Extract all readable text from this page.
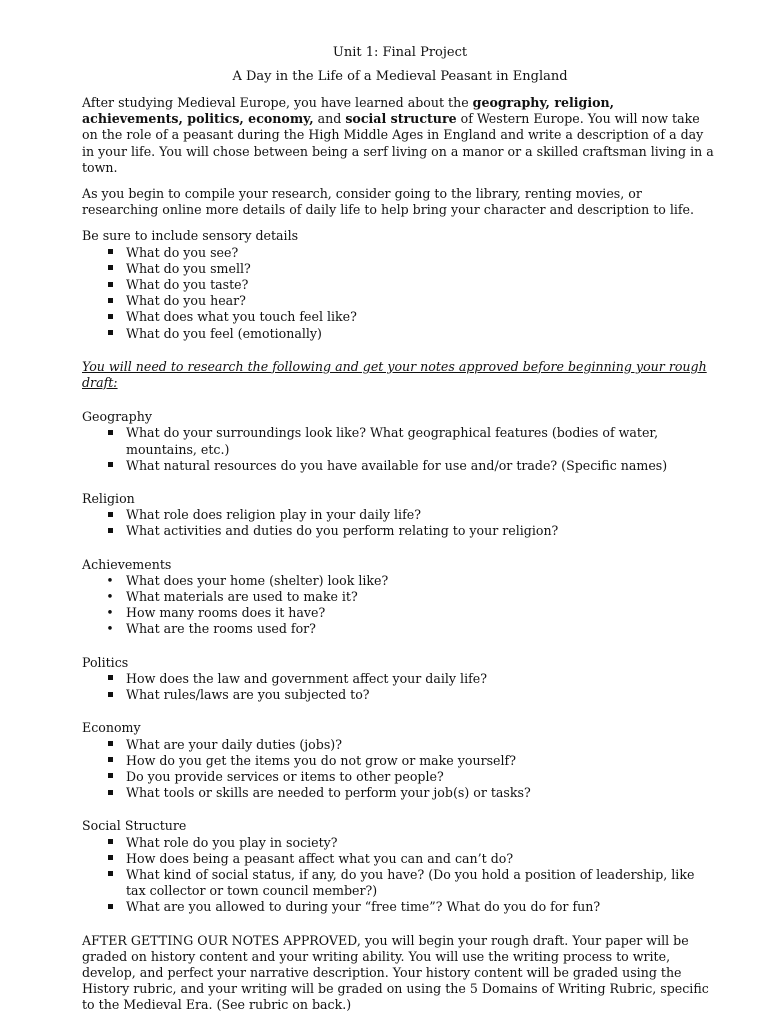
Unit 1: Final Project
A Day in the Life of a Medieval Peasant in England

After studying Medieval Europe, you have learned about the geography, religion, achievements, politics, economy, and social structure of Western Europe. You will now take on the role of a peasant during the High Middle Ages in England and write a description of a day in your life. You will chose between being a serf living on a manor or a skilled craftsman living in a town.

As you begin to compile your research, consider going to the library, renting movies, or researching online more details of daily life to help bring your character and description to life.

Be sure to include sensory details
What do you see?
What do you smell?
What do you taste?
What do you hear?
What does what you touch feel like?
What do you feel (emotionally)

You will need to research the following and get your notes approved before beginning your rough draft:

Geography
What do your surroundings look like? What geographical features (bodies of water, mountains, etc.)
What natural resources do you have available for use and/or trade? (Specific names)
Religion
What role does religion play in your daily life?
What activities and duties do you perform relating to your religion?
Achievements
•
What does your home (shelter) look like?
•
What materials are used to make it?
•
How many rooms does it have?
•
What are the rooms used for?
Politics
How does the law and government affect your daily life?
What rules/laws are you subjected to?
Economy
What are your daily duties (jobs)?
How do you get the items you do not grow or make yourself?
Do you provide services or items to other people?
What tools or skills are needed to perform your job(s) or tasks?
Social Structure
What role do you play in society?
How does being a peasant affect what you can and can’t do?
What kind of social status, if any, do you have? (Do you hold a position of leadership, like tax collector or town council member?)
What are you allowed to during your “free time”? What do you do for fun?

AFTER GETTING OUR NOTES APPROVED, you will begin your rough draft. Your paper will be graded on history content and your writing ability. You will use the writing process to write, develop, and perfect your narrative description. Your history content will be graded using the History rubric, and your writing will be graded on using the 5 Domains of Writing Rubric, specific to the Medieval Era. (See rubric on back.)
